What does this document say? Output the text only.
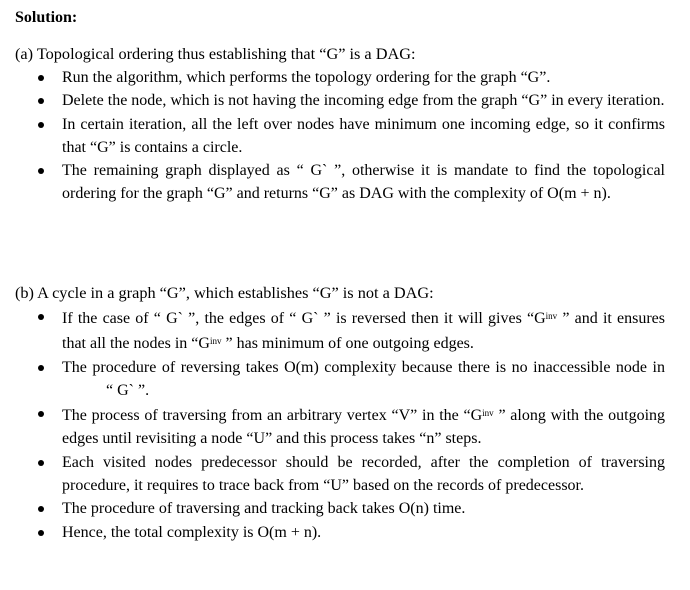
Solution:
(a) Topological ordering thus establishing that “G” is a DAG:
Run the algorithm, which performs the topology ordering for the graph “G”.
Delete the node, which is not having the incoming edge from the graph “G” in every iteration.
In certain iteration, all the left over nodes have minimum one incoming edge, so it confirms that “G” is contains a circle.
The remaining graph displayed as “ G` ”, otherwise it is mandate to find the topological ordering for the graph “G” and returns “G” as DAG with the complexity of O(m + n).
(b) A cycle in a graph “G”, which establishes “G” is not a DAG:
If the case of “ G` ”, the edges of “ G` ” is reversed then it will gives “$G^{inv}$ ” and it ensures that all the nodes in “$G^{inv}$ ” has minimum of one outgoing edges.
The procedure of reversing takes O(m) complexity because there is no inaccessible node in“ G` ”.
The process of traversing from an arbitrary vertex “V” in the “$G^{inv}$ ” along with the outgoing edges until revisiting a node “U” and this process takes “n” steps.
Each visited nodes predecessor should be recorded, after the completion of traversing procedure, it requires to trace back from “U” based on the records of predecessor.
The procedure of traversing and tracking back takes O(n) time.
Hence, the total complexity is O(m + n).
